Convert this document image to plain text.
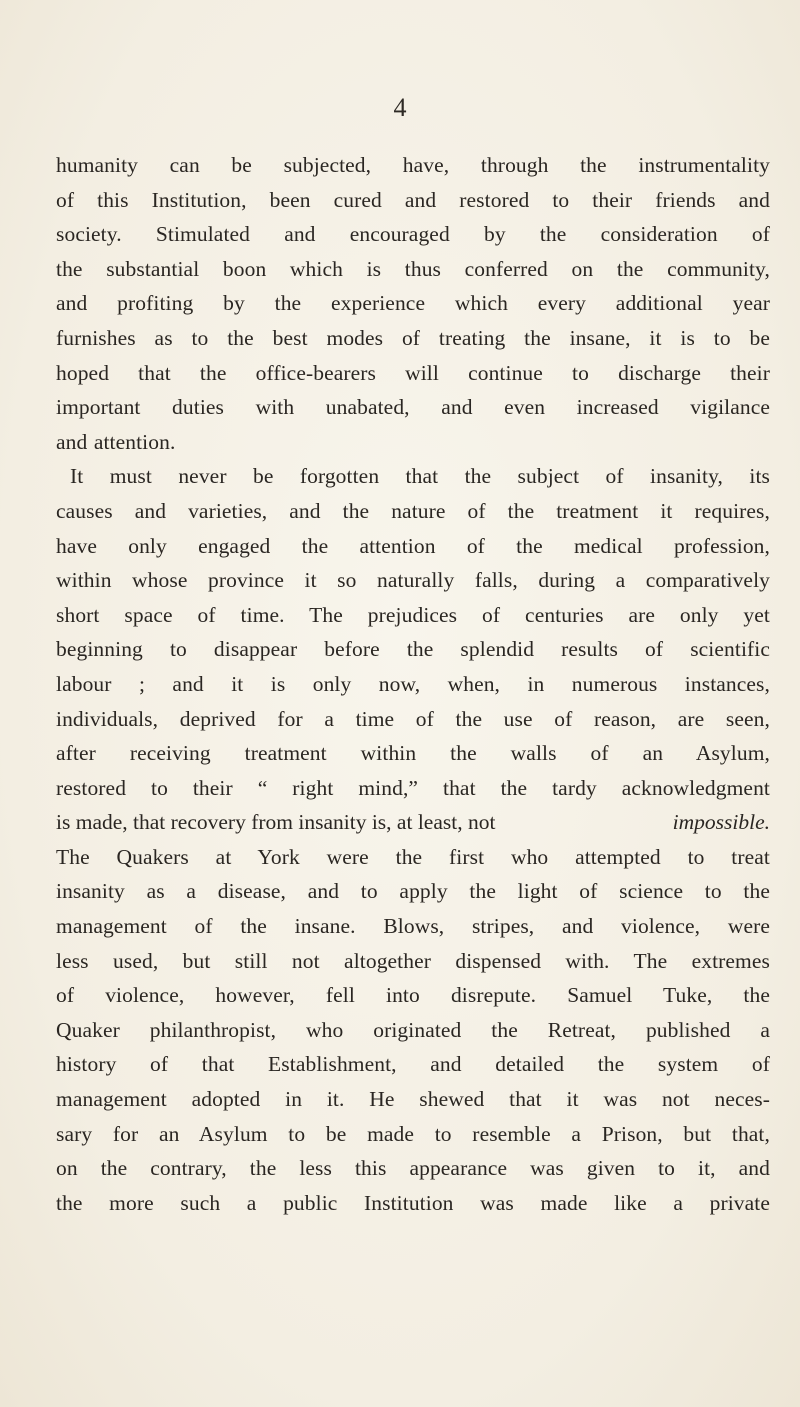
4
humanity can be subjected, have, through the instrumentality
of this Institution, been cured and restored to their friends and
society. Stimulated and encouraged by the consideration of
the substantial boon which is thus conferred on the community,
and profiting by the experience which every additional year
furnishes as to the best modes of treating the insane, it is to be
hoped that the office-bearers will continue to discharge their
important duties with unabated, and even increased vigilance
and attention.
It must never be forgotten that the subject of insanity, its
causes and varieties, and the nature of the treatment it requires,
have only engaged the attention of the medical profession,
within whose province it so naturally falls, during a comparatively
short space of time. The prejudices of centuries are only yet
beginning to disappear before the splendid results of scientific
labour ; and it is only now, when, in numerous instances,
individuals, deprived for a time of the use of reason, are seen,
after receiving treatment within the walls of an Asylum,
restored to their “ right mind,” that the tardy acknowledgment
is made, that recovery from insanity is, at least, not	impossible.
The Quakers at York were the first who attempted to treat
insanity as a disease, and to apply the light of science to the
management of the insane. Blows, stripes, and violence, were
less used, but still not altogether dispensed with. The extremes
of violence, however, fell into disrepute. Samuel Tuke, the
Quaker philanthropist, who originated the Retreat, published a
history of that Establishment, and detailed the system of
management adopted in it. He shewed that it was not neces-
sary for an Asylum to be made to resemble a Prison, but that,
on the contrary, the less this appearance was given to it, and
the more such a public Institution was made like a private
